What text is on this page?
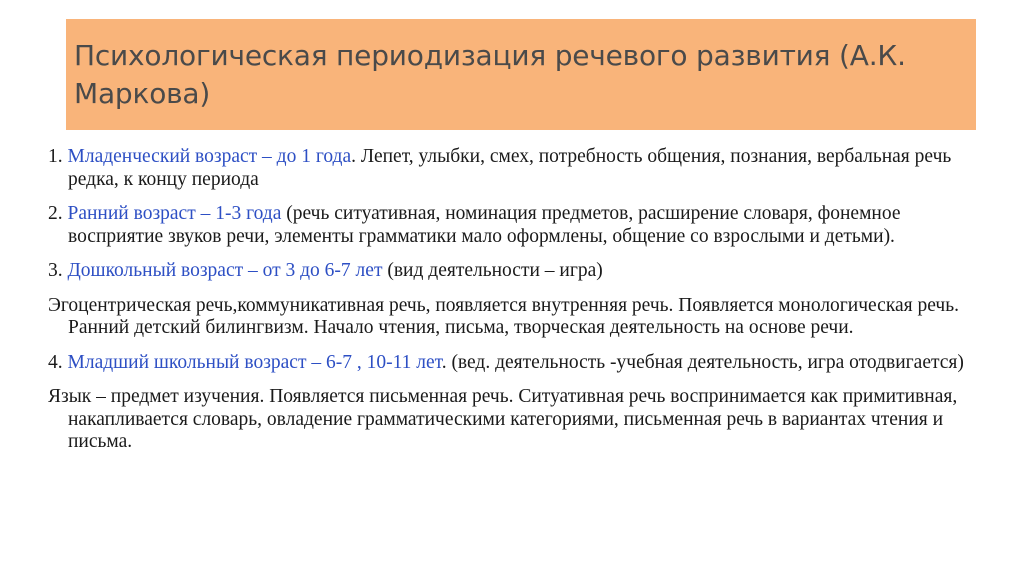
Психологическая периодизация речевого развития (А.К. Маркова)

1. Младенческий возраст – до 1 года. Лепет, улыбки, смех, потребность общения, познания, вербальная речь редка, к концу периода

2. Ранний возраст – 1-3 года (речь ситуативная, номинация предметов, расширение словаря, фонемное восприятие звуков речи, элементы грамматики мало оформлены, общение со взрослыми и детьми).

3. Дошкольный возраст – от 3 до 6-7 лет (вид деятельности – игра)

Эгоцентрическая речь,коммуникативная речь, появляется внутренняя речь. Появляется монологическая речь. Ранний детский билингвизм. Начало чтения, письма, творческая деятельность на основе речи.

4. Младший школьный возраст – 6-7 , 10-11 лет. (вед. деятельность -учебная деятельность, игра отодвигается)

Язык – предмет изучения. Появляется письменная речь. Ситуативная речь воспринимается как примитивная, накапливается словарь, овладение грамматическими категориями, письменная речь в вариантах чтения и письма.
